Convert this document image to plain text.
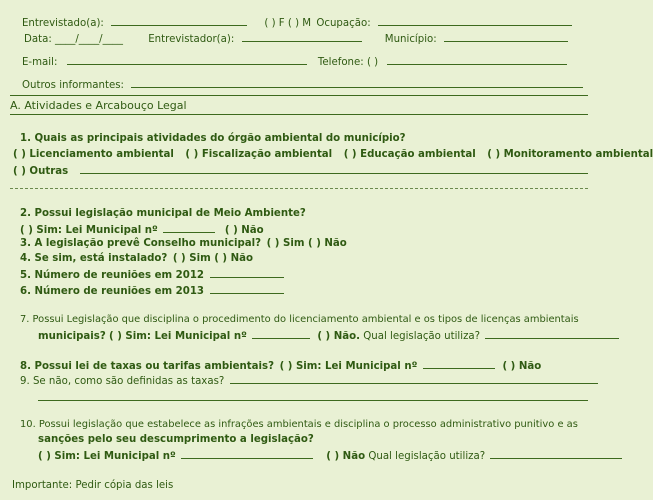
Entrevistado(a):	( ) F ( ) M Ocupação:
Data: ____/____/____ Entrevistador(a):	Município:
E-mail:	Telefone: ( )
Outros informantes:
A. Atividades e Arcabouço Legal
1. Quais as principais atividades do órgão ambiental do município?
( ) Licenciamento ambiental ( ) Fiscalização ambiental ( ) Educação ambiental ( ) Monitoramento ambiental
( ) Outras
2. Possui legislação municipal de Meio Ambiente?
( ) Sim: Lei Municipal nº	( ) Não
3. A legislação prevê Conselho municipal? ( ) Sim ( ) Não
4. Se sim, está instalado? ( ) Sim ( ) Não
5. Número de reuniões em 2012
6. Número de reuniões em 2013
7. Possui Legislação que disciplina o procedimento do licenciamento ambiental e os tipos de licenças ambientais
municipais? ( ) Sim: Lei Municipal nº	( ) Não. Qual legislação utiliza?
8. Possui lei de taxas ou tarifas ambientais? ( ) Sim: Lei Municipal nº	( ) Não
9. Se não, como são definidas as taxas?
10. Possui legislação que estabelece as infrações ambientais e disciplina o processo administrativo punitivo e as
sanções pelo seu descumprimento a legislação?
( ) Sim: Lei Municipal nº	( ) Não Qual legislação utiliza?
Importante: Pedir cópia das leis
